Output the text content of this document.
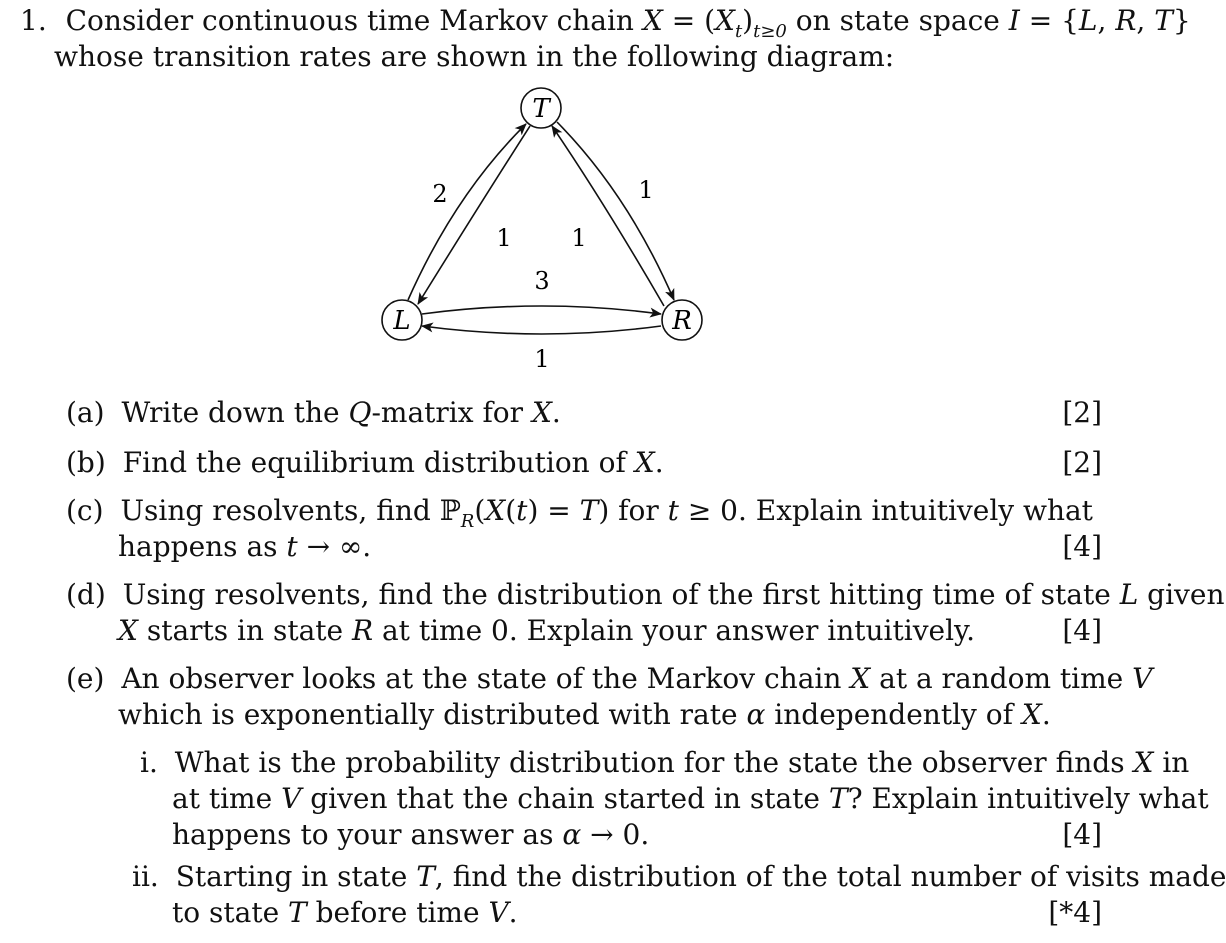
1. Consider continuous time Markov chain $X = (X_t)_{t\ge 0}$ on state space I = {L, R, T}
whose transition rates are shown in the following diagram:
T
L	R
2
1 1
1
3
1
(a) Write down the Q-matrix for X.	[2]
(b) Find the equilibrium distribution of X.	[2]
(c) Using resolvents, find ℙ$_R$(X(t) = T) for t ≥ 0. Explain intuitively what
happens as t → ∞.	[4]
(d) Using resolvents, find the distribution of the first hitting time of state L given
X starts in state R at time 0. Explain your answer intuitively.	[4]
(e) An observer looks at the state of the Markov chain X at a random time V
which is exponentially distributed with rate α independently of X.
i. What is the probability distribution for the state the observer finds X in
at time V given that the chain started in state T? Explain intuitively what
happens to your answer as α → 0.	[4]
ii. Starting in state T, find the distribution of the total number of visits made
to state T before time V.	[*4]
